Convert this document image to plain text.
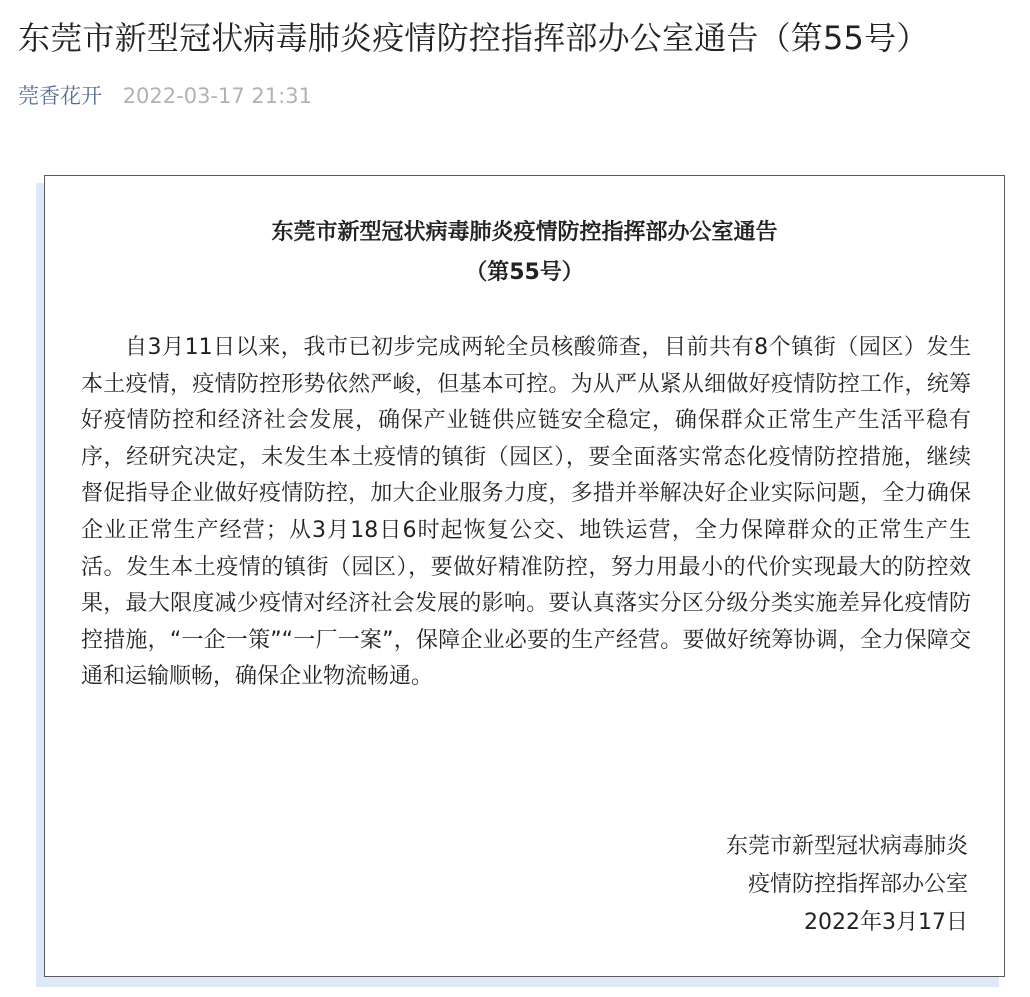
东莞市新型冠状病毒肺炎疫情防控指挥部办公室通告（第55号）
莞香花开 2022-03-17 21:31
东莞市新型冠状病毒肺炎疫情防控指挥部办公室通告
（第55号）

自3月11日以来，我市已初步完成两轮全员核酸筛查，目前共有8个镇街（园区）发生本土疫情，疫情防控形势依然严峻，但基本可控。为从严从紧从细做好疫情防控工作，统筹好疫情防控和经济社会发展，确保产业链供应链安全稳定，确保群众正常生产生活平稳有序，经研究决定，未发生本土疫情的镇街（园区），要全面落实常态化疫情防控措施，继续督促指导企业做好疫情防控，加大企业服务力度，多措并举解决好企业实际问题，全力确保企业正常生产经营；从3月18日6时起恢复公交、地铁运营，全力保障群众的正常生产生活。发生本土疫情的镇街（园区），要做好精准防控，努力用最小的代价实现最大的防控效果，最大限度减少疫情对经济社会发展的影响。要认真落实分区分级分类实施差异化疫情防控措施，“一企一策”“一厂一案”，保障企业必要的生产经营。要做好统筹协调，全力保障交通和运输顺畅，确保企业物流畅通。

东莞市新型冠状病毒肺炎
疫情防控指挥部办公室
2022年3月17日
